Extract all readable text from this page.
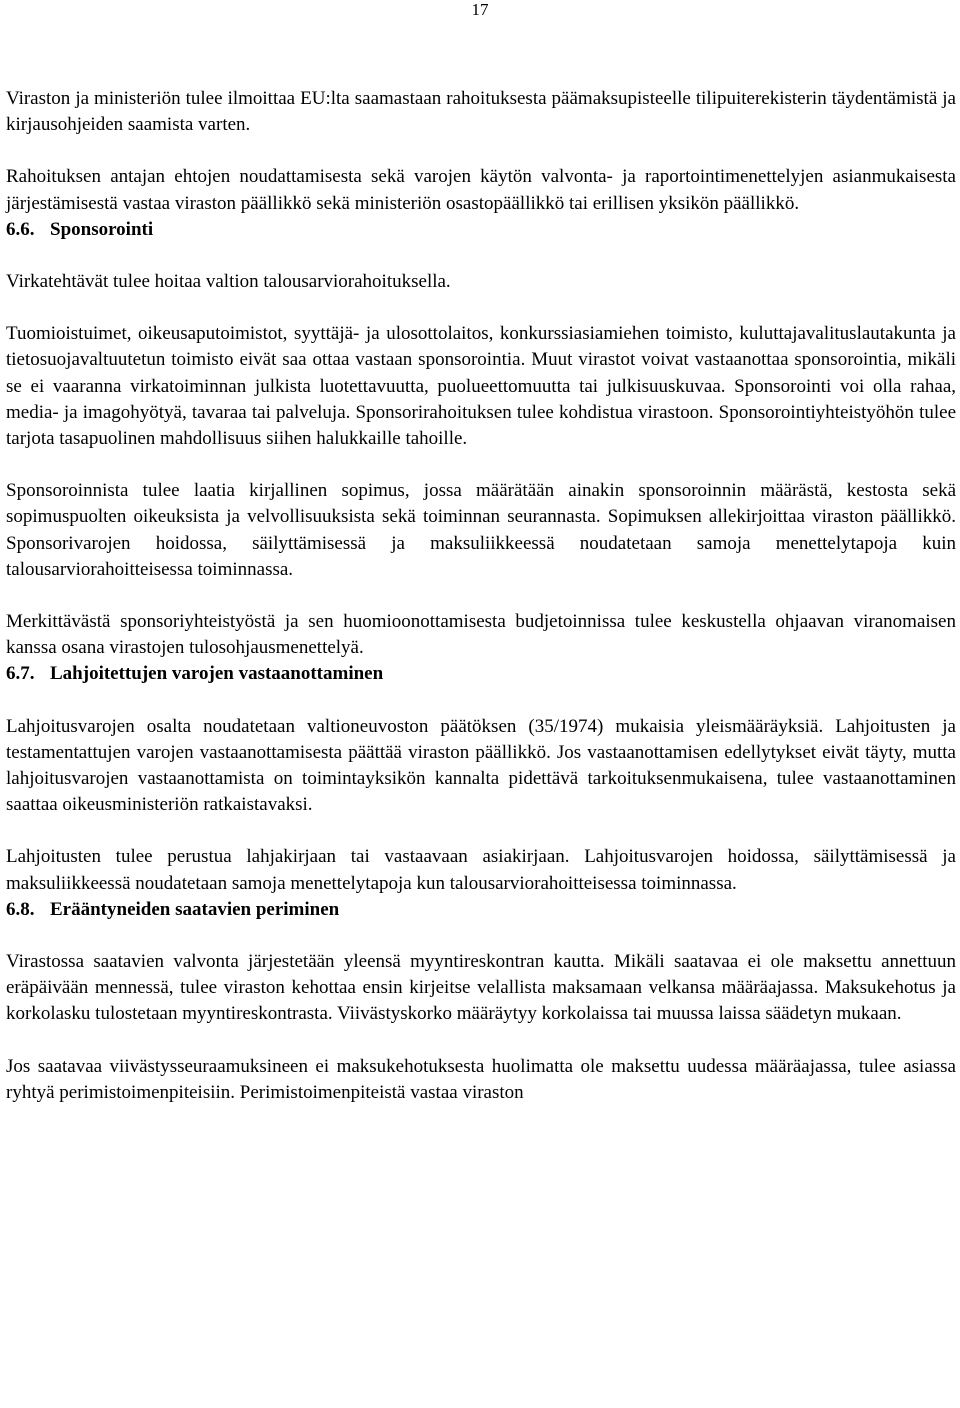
17

Viraston ja ministeriön tulee ilmoittaa EU:lta saamastaan rahoituksesta päämaksupisteelle tilipuiterekisterin täydentämistä ja kirjausohjeiden saamista varten.

Rahoituksen antajan ehtojen noudattamisesta sekä varojen käytön valvonta- ja raportointimenettelyjen asianmukaisesta järjestämisestä vastaa viraston päällikkö sekä ministeriön osastopäällikkö tai erillisen yksikön päällikkö.

6.6. Sponsorointi

Virkatehtävät tulee hoitaa valtion talousarviorahoituksella.

Tuomioistuimet, oikeusaputoimistot, syyttäjä- ja ulosottolaitos, konkurssiasiamiehen toimisto, kuluttajavalituslautakunta ja tietosuojavaltuutetun toimisto eivät saa ottaa vastaan sponsorointia. Muut virastot voivat vastaanottaa sponsorointia, mikäli se ei vaaranna virkatoiminnan julkista luotettavuutta, puolueettomuutta tai julkisuuskuvaa. Sponsorointi voi olla rahaa, media- ja imagohyötyä, tavaraa tai palveluja. Sponsorirahoituksen tulee kohdistua virastoon. Sponsorointiyhteistyöhön tulee tarjota tasapuolinen mahdollisuus siihen halukkaille tahoille.

Sponsoroinnista tulee laatia kirjallinen sopimus, jossa määrätään ainakin sponsoroinnin määrästä, kestosta sekä sopimuspuolten oikeuksista ja velvollisuuksista sekä toiminnan seurannasta. Sopimuksen allekirjoittaa viraston päällikkö. Sponsorivarojen hoidossa, säilyttämisessä ja maksuliikkeessä noudatetaan samoja menettelytapoja kuin talousarviorahoitteisessa toiminnassa.

Merkittävästä sponsoriyhteistyöstä ja sen huomioonottamisesta budjetoinnissa tulee keskustella ohjaavan viranomaisen kanssa osana virastojen tulosohjausmenettelyä.

6.7. Lahjoitettujen varojen vastaanottaminen

Lahjoitusvarojen osalta noudatetaan valtioneuvoston päätöksen (35/1974) mukaisia yleismääräyksiä. Lahjoitusten ja testamentattujen varojen vastaanottamisesta päättää viraston päällikkö. Jos vastaanottamisen edellytykset eivät täyty, mutta lahjoitusvarojen vastaanottamista on toimintayksikön kannalta pidettävä tarkoituksenmukaisena, tulee vastaanottaminen saattaa oikeusministeriön ratkaistavaksi.

Lahjoitusten tulee perustua lahjakirjaan tai vastaavaan asiakirjaan. Lahjoitusvarojen hoidossa, säilyttämisessä ja maksuliikkeessä noudatetaan samoja menettelytapoja kun talousarviorahoitteisessa toiminnassa.

6.8. Erääntyneiden saatavien periminen

Virastossa saatavien valvonta järjestetään yleensä myyntireskontran kautta. Mikäli saatavaa ei ole maksettu annettuun eräpäivään mennessä, tulee viraston kehottaa ensin kirjeitse velallista maksamaan velkansa määräajassa. Maksukehotus ja korkolasku tulostetaan myyntireskontrasta. Viivästyskorko määräytyy korkolaissa tai muussa laissa säädetyn mukaan.

Jos saatavaa viivästysseuraamuksineen ei maksukehotuksesta huolimatta ole maksettu uudessa määräajassa, tulee asiassa ryhtyä perimistoimenpiteisiin. Perimistoimenpiteistä vastaa viraston
